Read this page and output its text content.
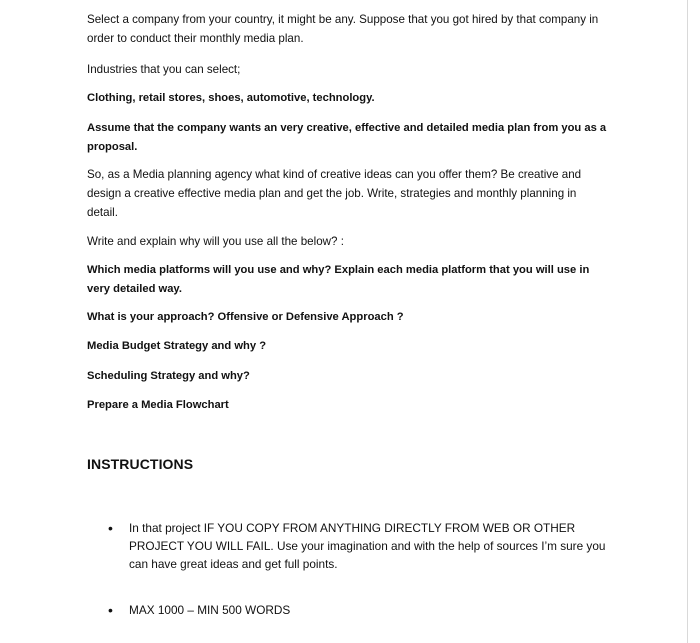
Select a company from your country, it might be any. Suppose that you got hired by that company in order to conduct their monthly media plan.

Industries that you can select;

Clothing, retail stores, shoes, automotive, technology.

Assume that the company wants an very creative, effective and detailed media plan from you as a proposal.

So, as a Media planning agency what kind of creative ideas can you offer them? Be creative and design a creative effective media plan and get the job. Write, strategies and monthly planning in detail.

Write and explain why will you use all the below? :

Which media platforms will you use and why? Explain each media platform that you will use in very detailed way.

What is your approach? Offensive or Defensive Approach ?

Media Budget Strategy and why ?

Scheduling Strategy and why?

Prepare a Media Flowchart

INSTRUCTIONS
•	In that project IF YOU COPY FROM ANYTHING DIRECTLY FROM WEB OR OTHER PROJECT YOU WILL FAIL. Use your imagination and with the help of sources I’m sure you can have great ideas and get full points.
•	MAX 1000 – MIN 500 WORDS
